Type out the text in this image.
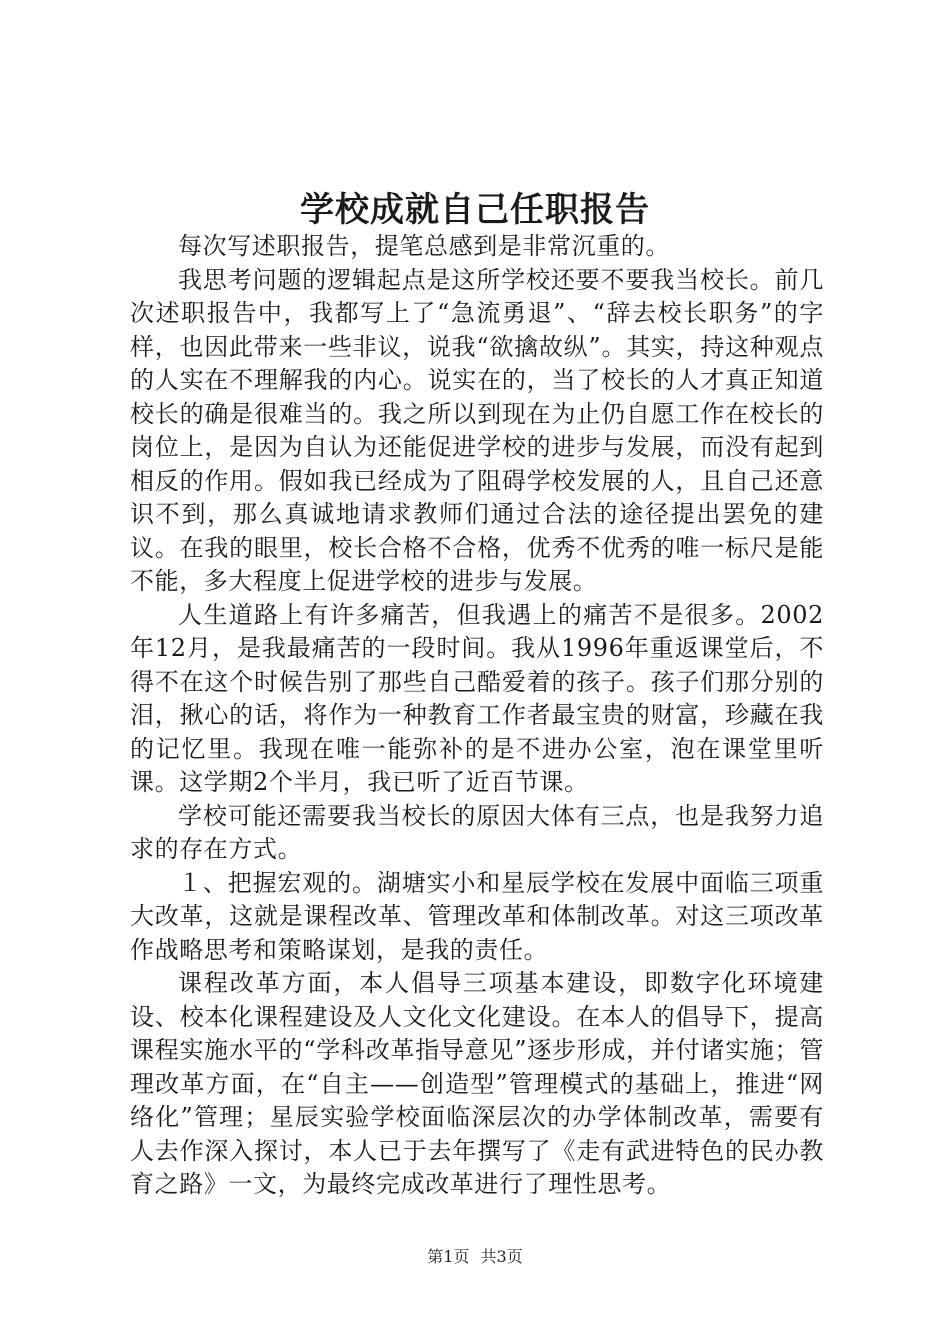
学校成就自己任职报告

每次写述职报告，提笔总感到是非常沉重的。

我思考问题的逻辑起点是这所学校还要不要我当校长。前几次述职报告中，我都写上了“急流勇退”、“辞去校长职务”的字样，也因此带来一些非议，说我“欲擒故纵”。其实，持这种观点的人实在不理解我的内心。说实在的，当了校长的人才真正知道校长的确是很难当的。我之所以到现在为止仍自愿工作在校长的岗位上，是因为自认为还能促进学校的进步与发展，而没有起到相反的作用。假如我已经成为了阻碍学校发展的人，且自己还意识不到，那么真诚地请求教师们通过合法的途径提出罢免的建议。在我的眼里，校长合格不合格，优秀不优秀的唯一标尺是能不能，多大程度上促进学校的进步与发展。

人生道路上有许多痛苦，但我遇上的痛苦不是很多。2002年12月，是我最痛苦的一段时间。我从1996年重返课堂后，不得不在这个时候告别了那些自己酷爱着的孩子。孩子们那分别的泪，揪心的话，将作为一种教育工作者最宝贵的财富，珍藏在我的记忆里。我现在唯一能弥补的是不进办公室，泡在课堂里听课。这学期2个半月，我已听了近百节课。

学校可能还需要我当校长的原因大体有三点，也是我努力追求的存在方式。

１、把握宏观的。湖塘实小和星辰学校在发展中面临三项重大改革，这就是课程改革、管理改革和体制改革。对这三项改革作战略思考和策略谋划，是我的责任。

课程改革方面，本人倡导三项基本建设，即数字化环境建设、校本化课程建设及人文化文化建设。在本人的倡导下，提高课程实施水平的“学科改革指导意见”逐步形成，并付诸实施；管理改革方面，在“自主——创造型”管理模式的基础上，推进“网络化”管理；星辰实验学校面临深层次的办学体制改革，需要有人去作深入探讨，本人已于去年撰写了《走有武进特色的民办教育之路》一文，为最终完成改革进行了理性思考。

第1页 共3页
